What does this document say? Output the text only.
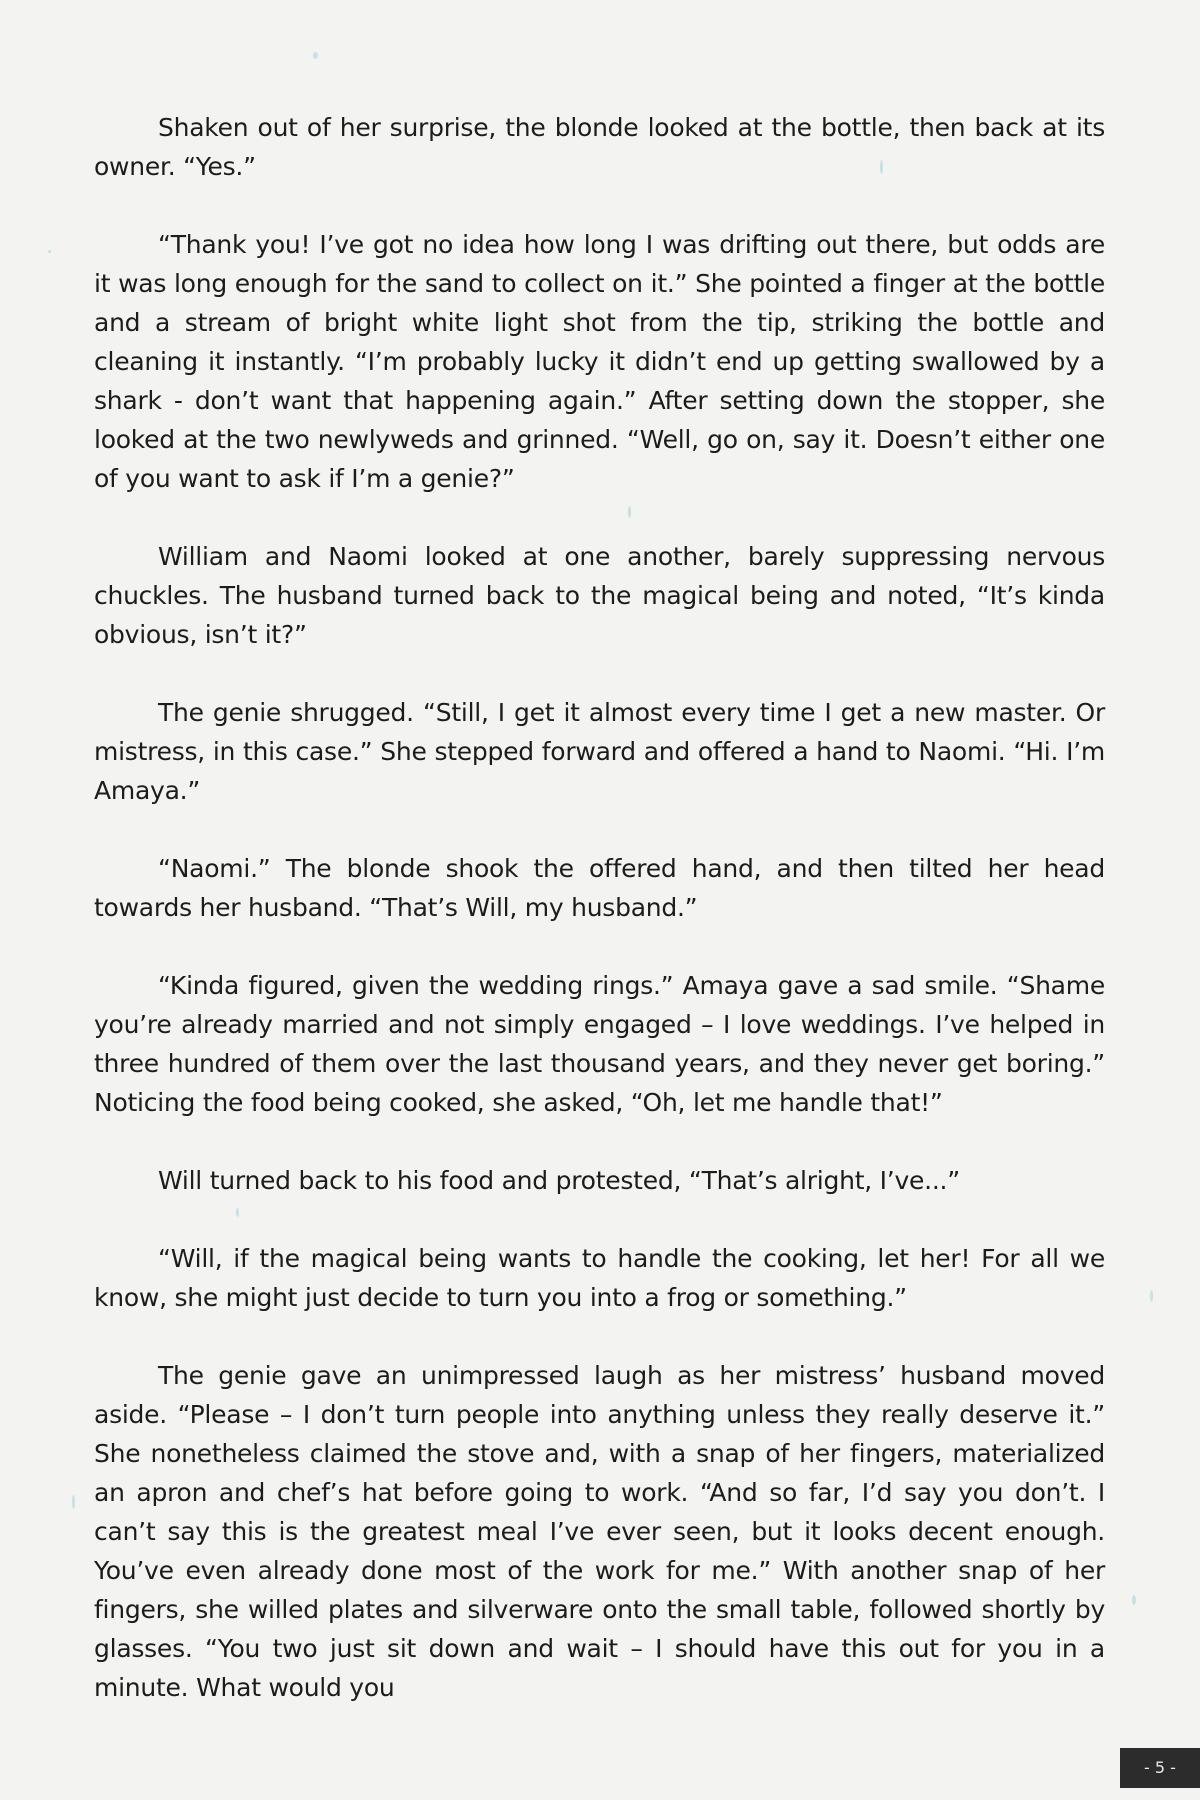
Shaken out of her surprise, the blonde looked at the bottle, then back at its owner. “Yes.”

“Thank you! I’ve got no idea how long I was drifting out there, but odds are it was long enough for the sand to collect on it.” She pointed a finger at the bottle and a stream of bright white light shot from the tip, striking the bottle and cleaning it instantly. “I’m probably lucky it didn’t end up getting swallowed by a shark - don’t want that happening again.” After setting down the stopper, she looked at the two newlyweds and grinned. “Well, go on, say it. Doesn’t either one of you want to ask if I’m a genie?”

William and Naomi looked at one another, barely suppressing nervous chuckles. The husband turned back to the magical being and noted, “It’s kinda obvious, isn’t it?”

The genie shrugged. “Still, I get it almost every time I get a new master. Or mistress, in this case.” She stepped forward and offered a hand to Naomi. “Hi. I’m Amaya.”

“Naomi.” The blonde shook the offered hand, and then tilted her head towards her husband. “That’s Will, my husband.”

“Kinda figured, given the wedding rings.” Amaya gave a sad smile. “Shame you’re already married and not simply engaged – I love weddings. I’ve helped in three hundred of them over the last thousand years, and they never get boring.” Noticing the food being cooked, she asked, “Oh, let me handle that!”

Will turned back to his food and protested, “That’s alright, I’ve...”

“Will, if the magical being wants to handle the cooking, let her! For all we know, she might just decide to turn you into a frog or something.”

The genie gave an unimpressed laugh as her mistress’ husband moved aside. “Please – I don’t turn people into anything unless they really deserve it.” She nonetheless claimed the stove and, with a snap of her fingers, materialized an apron and chef’s hat before going to work. “And so far, I’d say you don’t. I can’t say this is the greatest meal I’ve ever seen, but it looks decent enough. You’ve even already done most of the work for me.” With another snap of her fingers, she willed plates and silverware onto the small table, followed shortly by glasses. “You two just sit down and wait – I should have this out for you in a minute. What would you

- 5 -
